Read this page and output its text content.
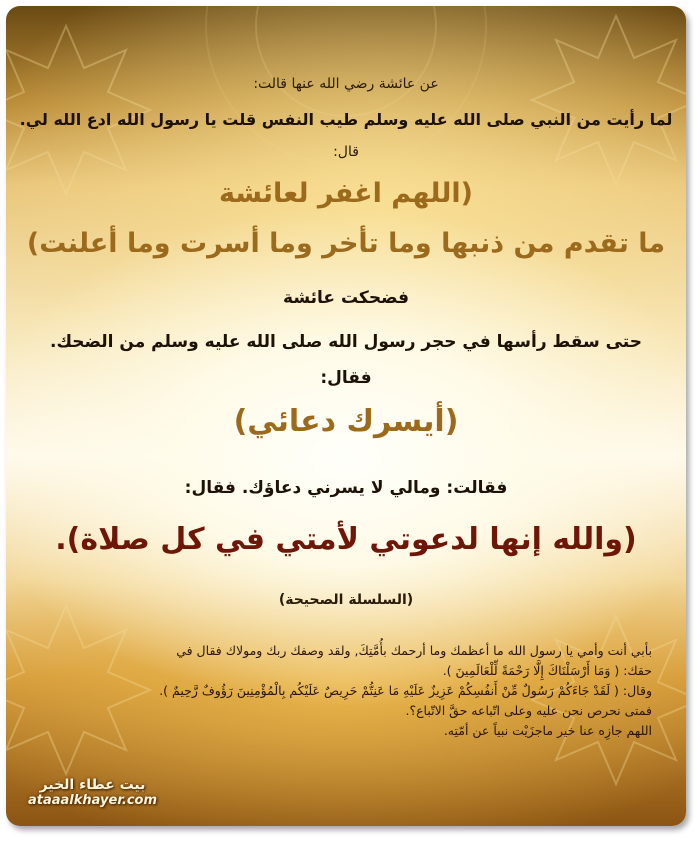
عن عائشة رضي الله عنها قالت:

لما رأيت من النبي صلى الله عليه وسلم طيب النفس قلت يا رسول الله ادع الله لي.

قال:

(اللهم اغفر لعائشة

ما تقدم من ذنبها وما تأخر وما أسرت وما أعلنت)

فضحكت عائشة

حتى سقط رأسها في حجر رسول الله صلى الله عليه وسلم من الضحك.

فقال:

(أيسرك دعائي)

فقالت: ومالي لا يسرني دعاؤك. فقال:

(والله إنها لدعوتي لأمتي في كل صلاة).

(السلسلة الصحيحة)

بأبي أنت وأمي يا رسول الله ما أعظمك وما أرحمك بأُمَّتِكَ, ولقد وصفك ربك ومولاك فقال في

حقك: ( وَمَا أَرْسَلْنَاكَ إِلَّا رَحْمَةً لِّلْعَالَمِينَ ).

وقال: ( لَقَدْ جَاءَكُمْ رَسُولٌ مِّنْ أَنفُسِكُمْ عَزِيزٌ عَلَيْهِ مَا عَنِتُّمْ حَرِيصٌ عَلَيْكُم بِالْمُؤْمِنِينَ رَؤُوفٌ رَّحِيمٌ ).

فمتى نحرص نحن عليه وعلى اتّباعه حقَّ الاتّباع؟.

اللهم جازِه عنا خير ماجزَيْت نبياً عن أمّتِه.

بيت عطاء الخير
ataaalkhayer.com
